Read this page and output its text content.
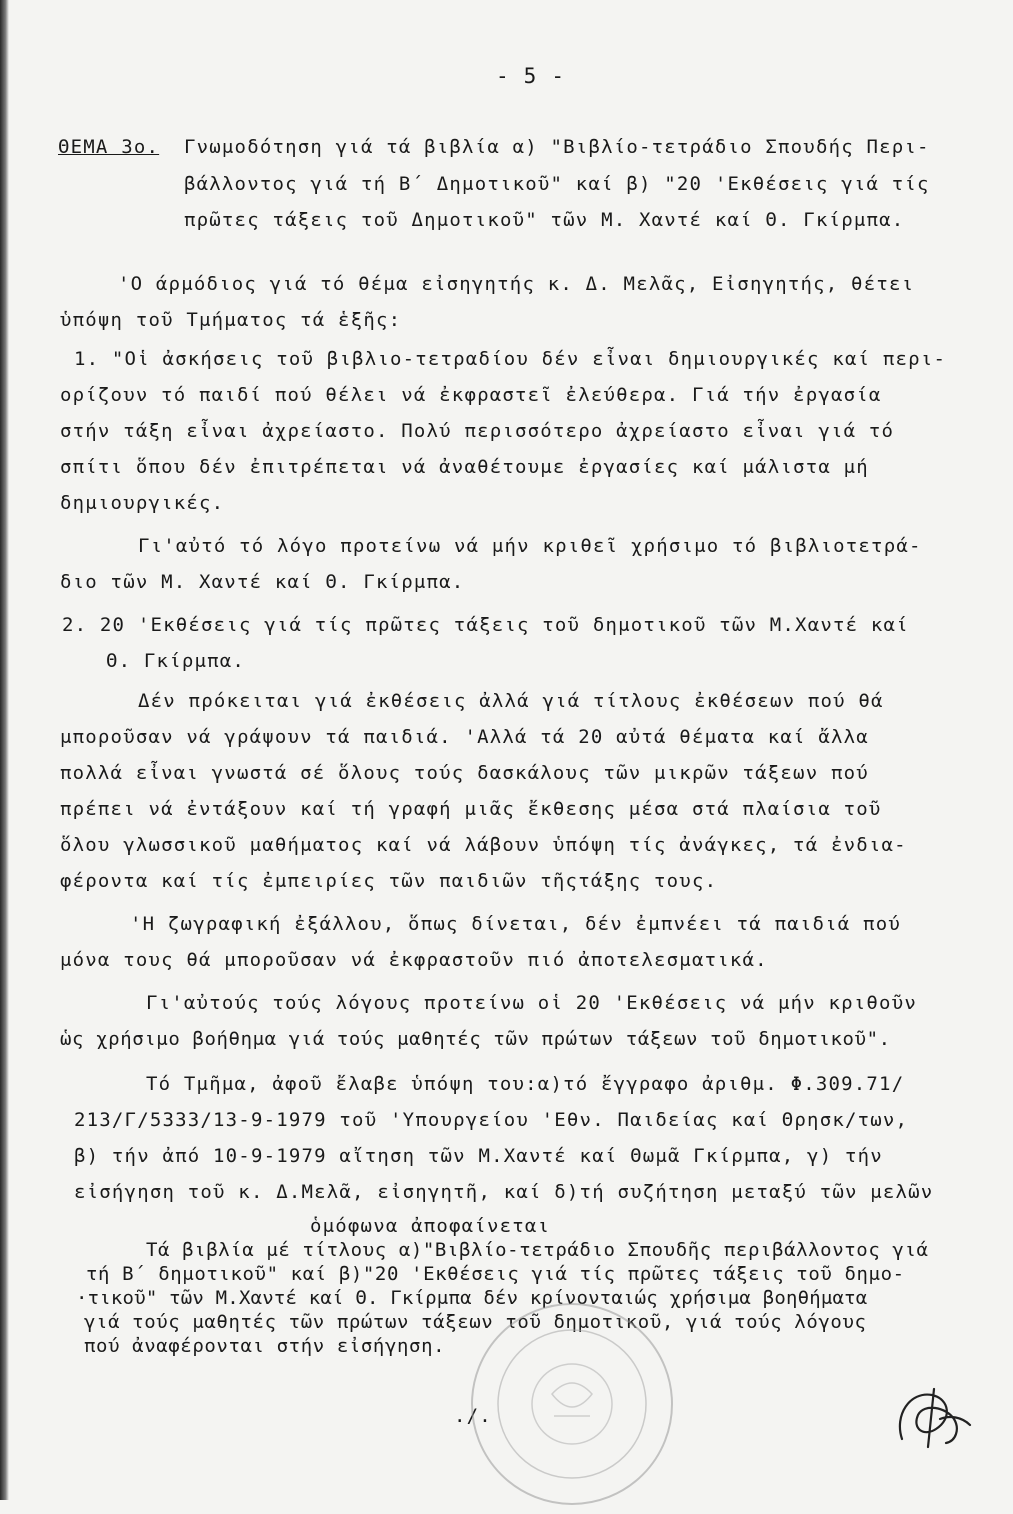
- 5 -
ΘΕΜΑ 3ο. Γνωμοδότηση γιά τά βιβλία α) "Βιβλίο-τετράδιο Σπουδής Περι-
βάλλοντος γιά τή Β΄ Δημοτικοῦ" καί β) "20 'Εκθέσεις γιά τίς
πρῶτες τάξεις τοῦ Δημοτικοῦ" τῶν Μ. Χαντέ καί Θ. Γκίρμπα.
'Ο άρμόδιος γιά τό θέμα εἰσηγητής κ. Δ. Μελᾶς, Εἰσηγητής, θέτει
ὑπόψη τοῦ Τμήματος τά ἑξῆς:
1. "Οἱ ἀσκήσεις τοῦ βιβλιο-τετραδίου δέν εἶναι δημιουργικές καί περι-
ορίζουν τό παιδί πού θέλει νά ἐκφραστεῖ ἐλεύθερα. Γιά τήν ἐργασία
στήν τάξη εἶναι ἀχρείαστο. Πολύ περισσότερο ἀχρείαστο εἶναι γιά τό
σπίτι ὅπου δέν ἐπιτρέπεται νά ἀναθέτουμε ἐργασίες καί μάλιστα μή
δημιουργικές.
Γι'αὐτό τό λόγο προτείνω νά μήν κριθεῖ χρήσιμο τό βιβλιοτετρά-
διο τῶν Μ. Χαντέ καί Θ. Γκίρμπα.
2. 20 'Εκθέσεις γιά τίς πρῶτες τάξεις τοῦ δημοτικοῦ τῶν Μ.Χαντέ καί
Θ. Γκίρμπα.
Δέν πρόκειται γιά ἐκθέσεις ἀλλά γιά τίτλους ἐκθέσεων πού θά
μποροῦσαν νά γράψουν τά παιδιά. 'Αλλά τά 20 αὐτά θέματα καί ἄλλα
πολλά εἶναι γνωστά σέ ὅλους τούς δασκάλους τῶν μικρῶν τάξεων πού
πρέπει νά ἐντάξουν καί τή γραφή μιᾶς ἔκθεσης μέσα στά πλαίσια τοῦ
ὅλου γλωσσικοῦ μαθήματος καί νά λάβουν ὑπόψη τίς ἀνάγκες, τά ἐνδια-
φέροντα καί τίς ἐμπειρίες τῶν παιδιῶν τῆςτάξης τους.
'Η ζωγραφική ἐξάλλου, ὅπως δίνεται, δέν ἐμπνέει τά παιδιά πού
μόνα τους θά μποροῦσαν νά ἐκφραστοῦν πιό ἀποτελεσματικά.
Γι'αὐτούς τούς λόγους προτείνω οἱ 20 'Εκθέσεις νά μήν κριθοῦν
ὡς χρήσιμο βοήθημα γιά τούς μαθητές τῶν πρώτων τάξεων τοῦ δημοτικοῦ".
Τό Τμῆμα, ἀφοῦ ἔλαβε ὑπόψη του:α)τό ἔγγραφο ἀριθμ. Φ.309.71/
213/Γ/5333/13-9-1979 τοῦ 'Υπουργείου 'Εθν. Παιδείας καί Θρησκ/των,
β) τήν ἀπό 10-9-1979 αἴτηση τῶν Μ.Χαντέ καί Θωμᾶ Γκίρμπα, γ) τήν
εἰσήγηση τοῦ κ. Δ.Μελᾶ, εἰσηγητῆ, καί δ)τή συζήτηση μεταξύ τῶν μελῶν
ὁμόφωνα ἀποφαίνεται
Τά βιβλία μέ τίτλους α)"Βιβλίο-τετράδιο Σπουδῆς περιβάλλοντος γιά
τή Β΄ δημοτικοῦ" καί β)"20 'Εκθέσεις γιά τίς πρῶτες τάξεις τοῦ δημο-
·τικοῦ" τῶν Μ.Χαντέ καί Θ. Γκίρμπα δέν κρίνονταιώς χρήσιμα βοηθήματα
γιά τούς μαθητές τῶν πρώτων τάξεων τοῦ δημοτικοῦ, γιά τούς λόγους
πού ἀναφέρονται στήν εἰσήγηση.
./.
